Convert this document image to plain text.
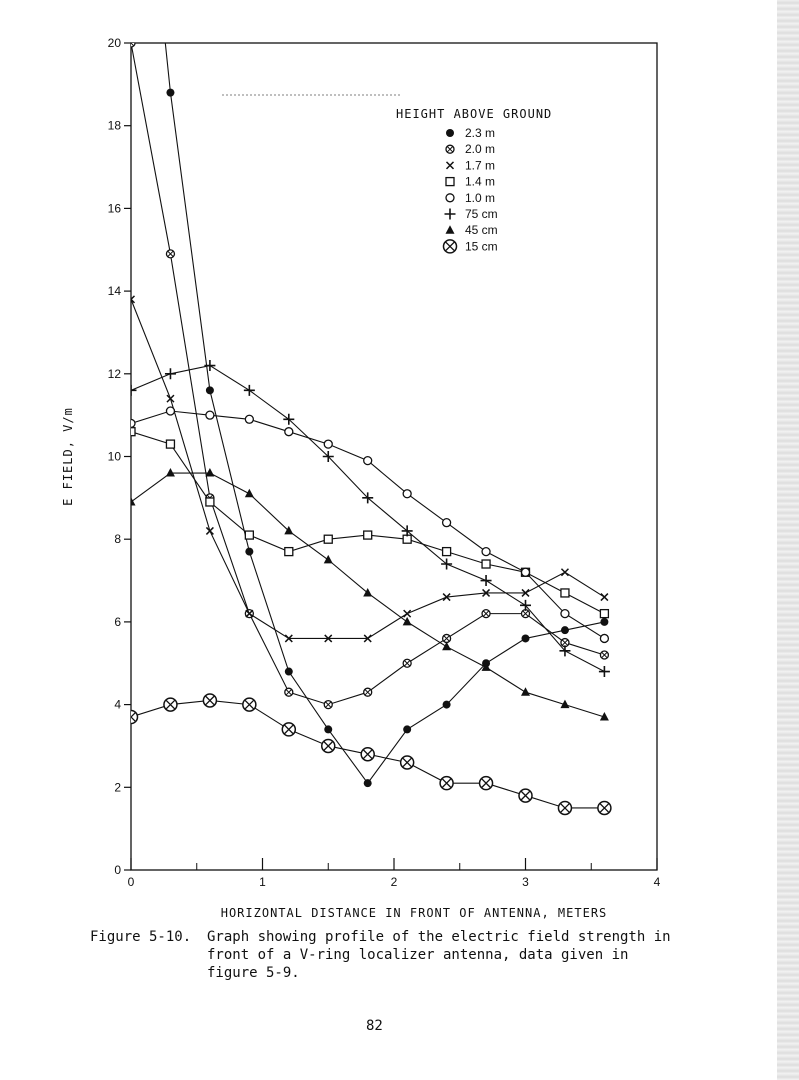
0
2
4
6
8
10
12
14
16
18
20
0	1	2	3	4
HEIGHT ABOVE GROUND
2.3 m
2.0 m
1.7 m
1.4 m
1.0 m
75 cm
45 cm
15 cm
E FIELD, V/m
HORIZONTAL DISTANCE IN FRONT OF ANTENNA, METERS
Figure 5-10. Graph showing profile of the electric field strength in front of a V-ring localizer antenna, data given in figure 5-9.
82
